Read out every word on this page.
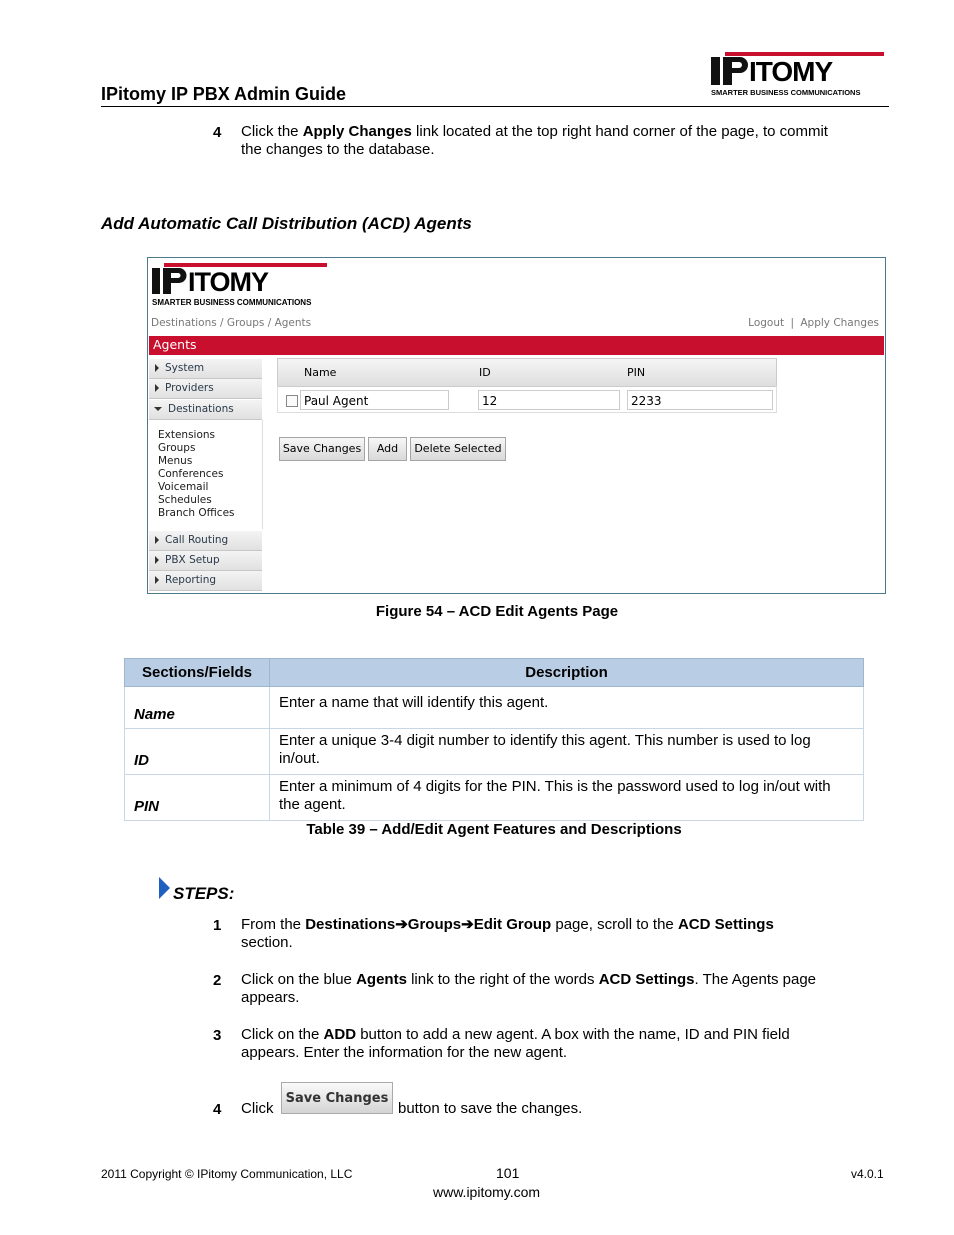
IPitomy IP PBX Admin Guide
ITOMY
SMARTER BUSINESS COMMUNICATIONS
4 Click the Apply Changes link located at the top right hand corner of the page, to commit
the changes to the database.
Add Automatic Call Distribution (ACD) Agents
ITOMY
SMARTER BUSINESS COMMUNICATIONS
Destinations / Groups / Agents	Logout | Apply Changes
Agents
System
Providers
Destinations
Extensions
Groups
Menus
Conferences
Voicemail
Schedules
Branch Offices
Call Routing
PBX Setup
Reporting
Name	ID	PIN
Paul Agent	12	2233
Save Changes	Add	Delete Selected
Figure 54 – ACD Edit Agents Page
Sections/Fields	Description
Name	Enter a name that will identify this agent.
ID	Enter a unique 3-4 digit number to identify this agent. This number is used to log in/out.
PIN	Enter a minimum of 4 digits for the PIN. This is the password used to log in/out with the agent.
Table 39 – Add/Edit Agent Features and Descriptions
STEPS:
1 From the Destinations➔Groups➔Edit Group page, scroll to the ACD Settings
section.
2 Click on the blue Agents link to the right of the words ACD Settings. The Agents page
appears.
3 Click on the ADD button to add a new agent. A box with the name, ID and PIN field
appears. Enter the information for the new agent.
4 Click
Save Changes
button to save the changes.
2011 Copyright © IPitomy Communication, LLC	101
www.ipitomy.com
v4.0.1
